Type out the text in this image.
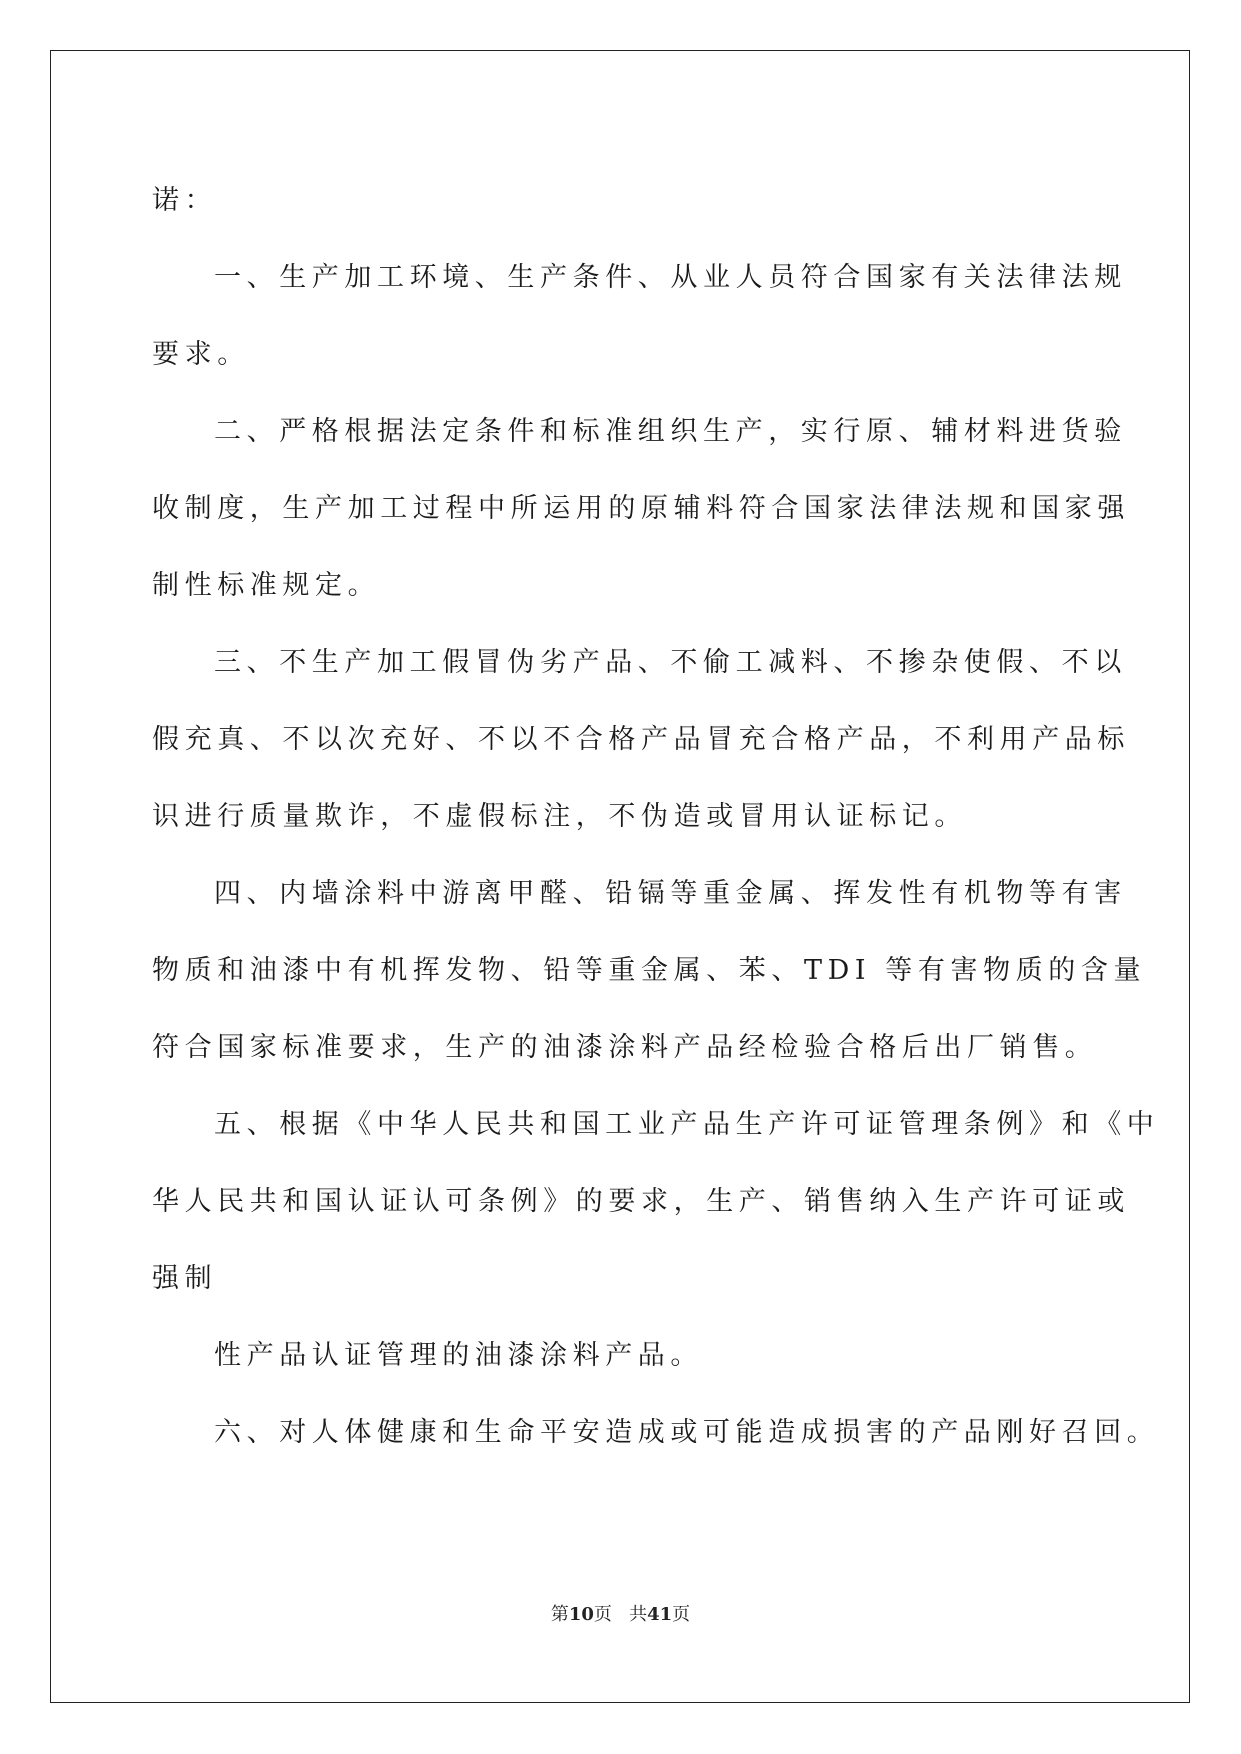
诺：
一、生产加工环境、生产条件、从业人员符合国家有关法律法规
要求。
二、严格根据法定条件和标准组织生产，实行原、辅材料进货验
收制度，生产加工过程中所运用的原辅料符合国家法律法规和国家强
制性标准规定。
三、不生产加工假冒伪劣产品、不偷工减料、不掺杂使假、不以
假充真、不以次充好、不以不合格产品冒充合格产品，不利用产品标
识进行质量欺诈，不虚假标注，不伪造或冒用认证标记。
四、内墙涂料中游离甲醛、铅镉等重金属、挥发性有机物等有害
物质和油漆中有机挥发物、铅等重金属、苯、TDI 等有害物质的含量
符合国家标准要求，生产的油漆涂料产品经检验合格后出厂销售。
五、根据《中华人民共和国工业产品生产许可证管理条例》和《中
华人民共和国认证认可条例》的要求，生产、销售纳入生产许可证或
强制
性产品认证管理的油漆涂料产品。
六、对人体健康和生命平安造成或可能造成损害的产品刚好召回。
第10页 共41页
